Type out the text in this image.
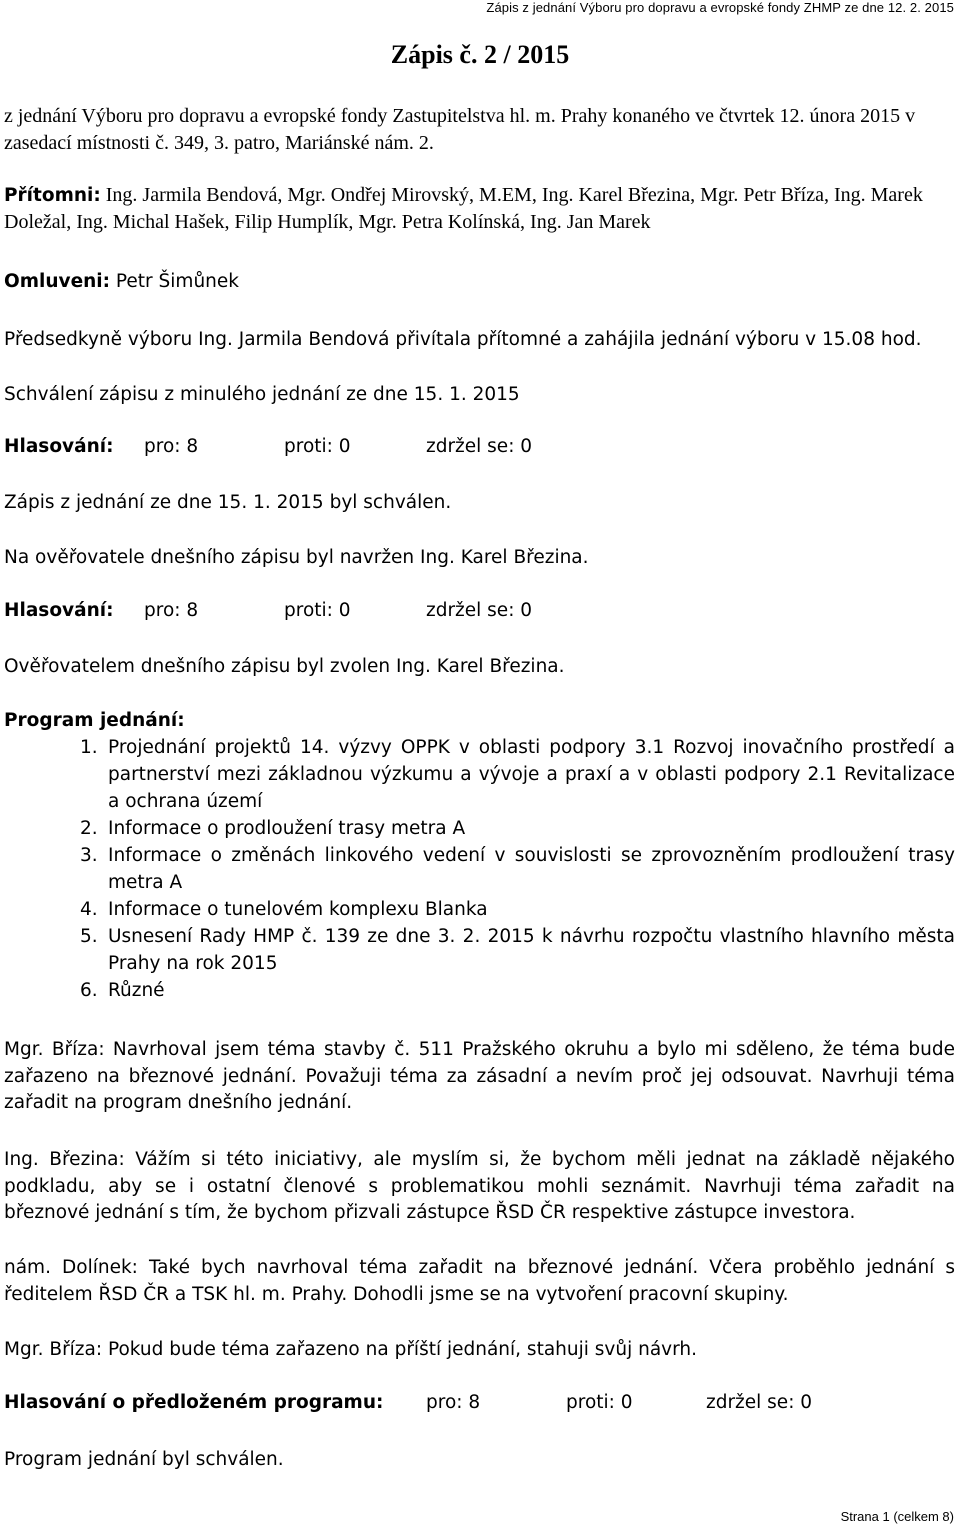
Zápis z jednání Výboru pro dopravu a evropské fondy ZHMP ze dne 12. 2. 2015
Zápis č. 2 / 2015
z jednání Výboru pro dopravu a evropské fondy Zastupitelstva hl. m. Prahy konaného ve čtvrtek 12. února 2015 v zasedací místnosti č. 349, 3. patro, Mariánské nám. 2.
Přítomni: Ing. Jarmila Bendová, Mgr. Ondřej Mirovský, M.EM, Ing. Karel Březina, Mgr. Petr Bříza, Ing. Marek Doležal, Ing. Michal Hašek, Filip Humplík, Mgr. Petra Kolínská, Ing. Jan Marek
Omluveni: Petr Šimůnek
Předsedkyně výboru Ing. Jarmila Bendová přivítala přítomné a zahájila jednání výboru v 15.08 hod.
Schválení zápisu z minulého jednání ze dne 15. 1. 2015
Hlasování: pro: 8	proti: 0	zdržel se: 0
Zápis z jednání ze dne 15. 1. 2015 byl schválen.
Na ověřovatele dnešního zápisu byl navržen Ing. Karel Březina.
Hlasování: pro: 8	proti: 0	zdržel se: 0
Ověřovatelem dnešního zápisu byl zvolen Ing. Karel Březina.
Program jednání:
1. Projednání projektů 14. výzvy OPPK v oblasti podpory 3.1 Rozvoj inovačního prostředí a partnerství mezi základnou výzkumu a vývoje a praxí a v oblasti podpory 2.1 Revitalizace a ochrana území
2. Informace o prodloužení trasy metra A
3. Informace o změnách linkového vedení v souvislosti se zprovozněním prodloužení trasy metra A
4. Informace o tunelovém komplexu Blanka
5. Usnesení Rady HMP č. 139 ze dne 3. 2. 2015 k návrhu rozpočtu vlastního hlavního města Prahy na rok 2015
6. Různé
Mgr. Bříza: Navrhoval jsem téma stavby č. 511 Pražského okruhu a bylo mi sděleno, že téma bude zařazeno na březnové jednání. Považuji téma za zásadní a nevím proč jej odsouvat. Navrhuji téma zařadit na program dnešního jednání.
Ing. Březina: Vážím si této iniciativy, ale myslím si, že bychom měli jednat na základě nějakého podkladu, aby se i ostatní členové s problematikou mohli seznámit. Navrhuji téma zařadit na březnové jednání s tím, že bychom přizvali zástupce ŘSD ČR respektive zástupce investora.
nám. Dolínek: Také bych navrhoval téma zařadit na březnové jednání. Včera proběhlo jednání s ředitelem ŘSD ČR a TSK hl. m. Prahy. Dohodli jsme se na vytvoření pracovní skupiny.
Mgr. Bříza: Pokud bude téma zařazeno na příští jednání, stahuji svůj návrh.
Hlasování o předloženém programu: pro: 8	proti: 0	zdržel se: 0
Program jednání byl schválen.
Strana 1 (celkem 8)
